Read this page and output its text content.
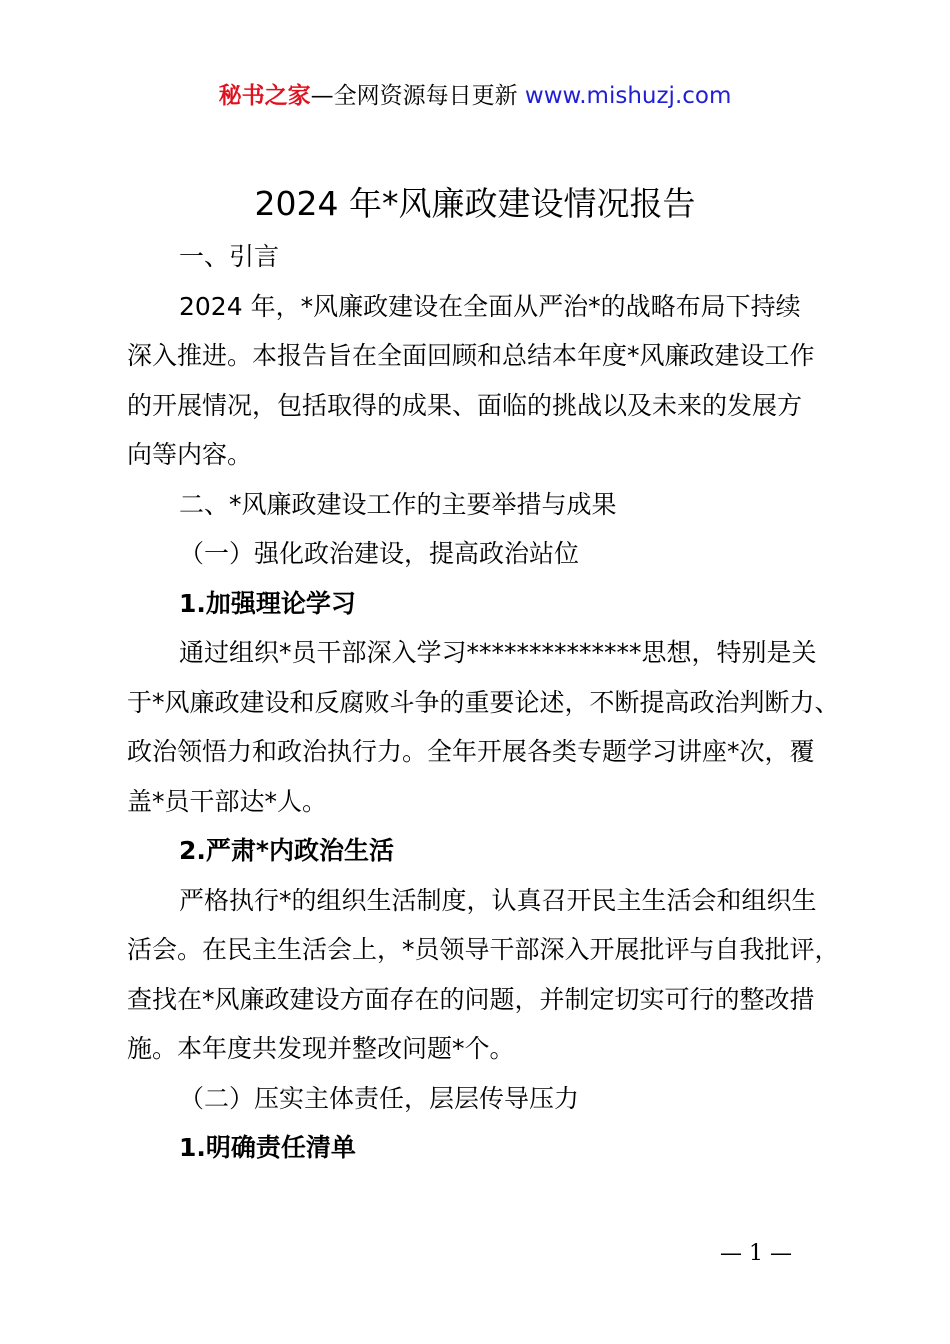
秘书之家—全网资源每日更新 www.mishuzj.com
2024 年*风廉政建设情况报告
一、引言
2024 年，*风廉政建设在全面从严治*的战略布局下持续
深入推进。本报告旨在全面回顾和总结本年度*风廉政建设工作
的开展情况，包括取得的成果、面临的挑战以及未来的发展方
向等内容。
二、*风廉政建设工作的主要举措与成果
（一）强化政治建设，提高政治站位
1.加强理论学习
通过组织*员干部深入学习**************思想，特别是关
于*风廉政建设和反腐败斗争的重要论述，不断提高政治判断力、
政治领悟力和政治执行力。全年开展各类专题学习讲座*次，覆
盖*员干部达*人。
2.严肃*内政治生活
严格执行*的组织生活制度，认真召开民主生活会和组织生
活会。在民主生活会上，*员领导干部深入开展批评与自我批评，
查找在*风廉政建设方面存在的问题，并制定切实可行的整改措
施。本年度共发现并整改问题*个。
（二）压实主体责任，层层传导压力
1.明确责任清单
— 1 —
